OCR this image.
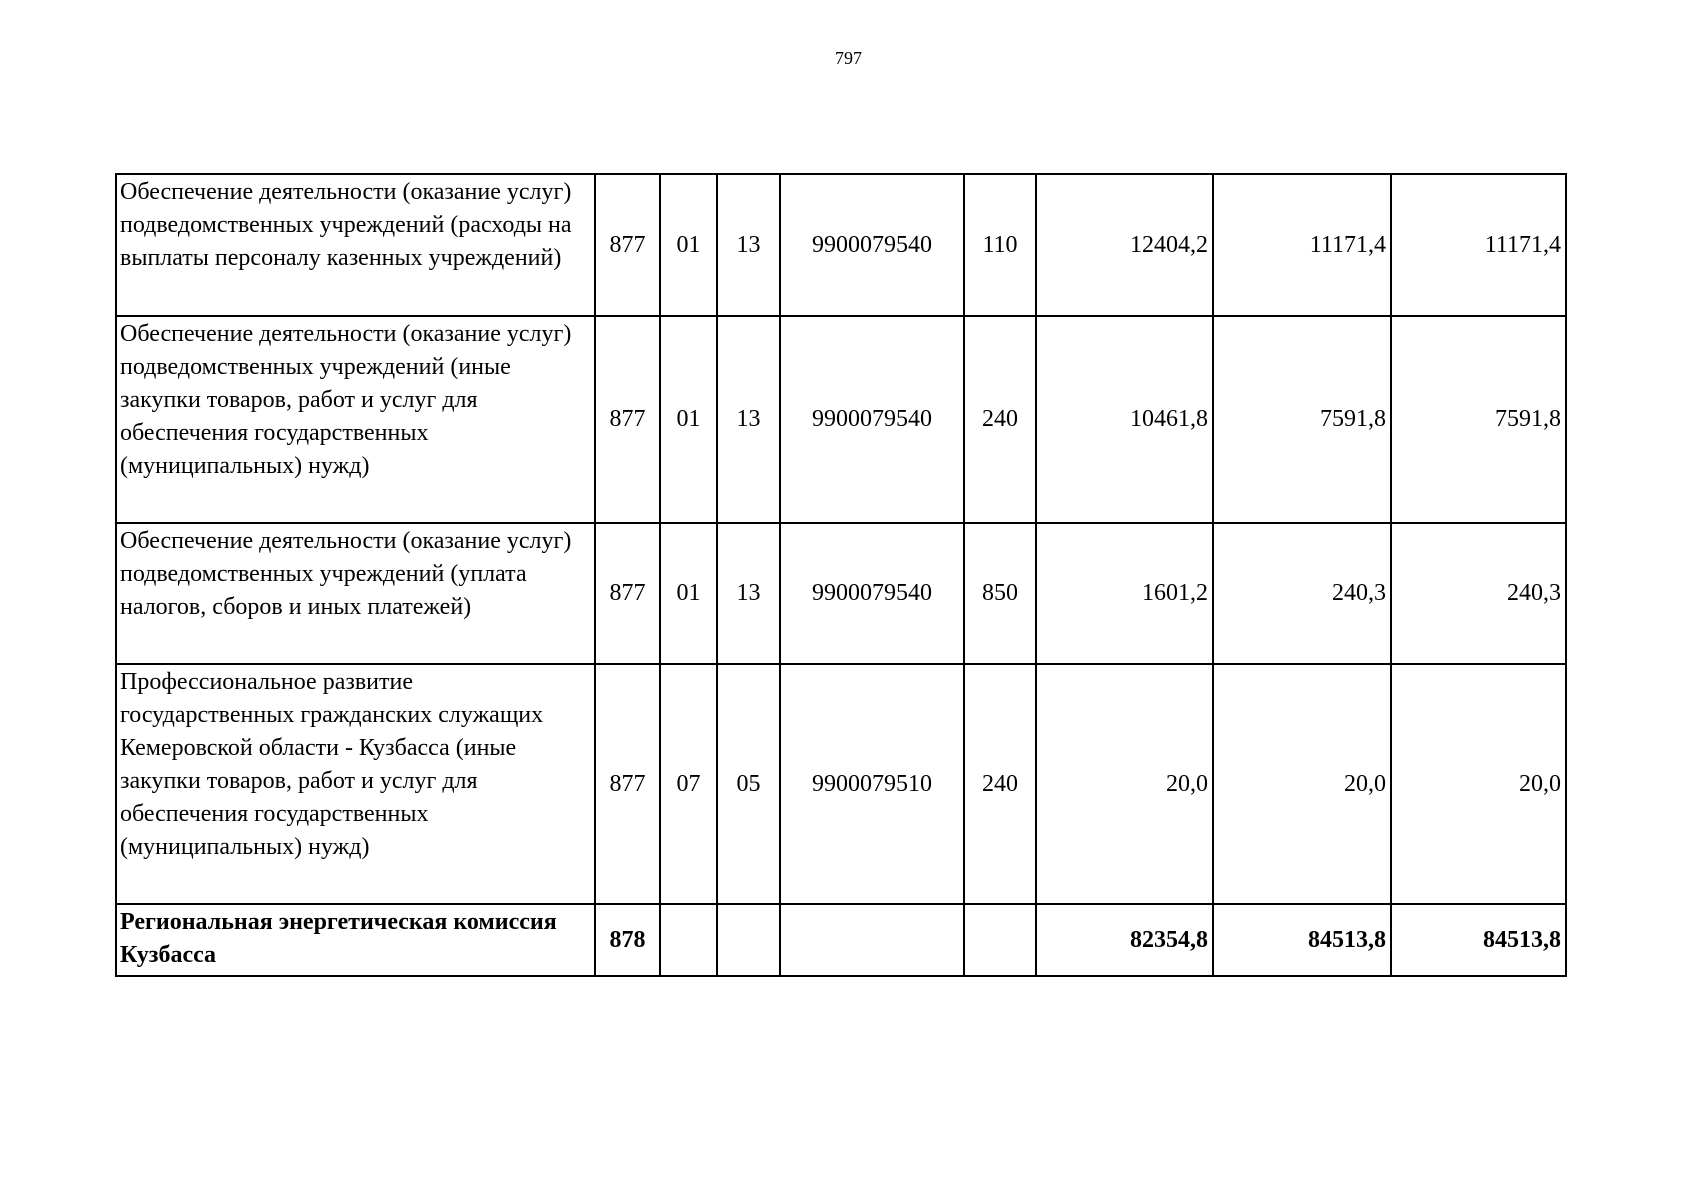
797
Обеспечение деятельности (оказание услуг) подведомственных учреждений (расходы на выплаты персоналу казенных учреждений)	877	01	13	9900079540	110	12404,2	11171,4	11171,4
Обеспечение деятельности (оказание услуг) подведомственных учреждений (иные закупки товаров, работ и услуг для обеспечения государственных (муниципальных) нужд)	877	01	13	9900079540	240	10461,8	7591,8	7591,8
Обеспечение деятельности (оказание услуг) подведомственных учреждений (уплата налогов, сборов и иных платежей)	877	01	13	9900079540	850	1601,2	240,3	240,3
Профессиональное развитие государственных гражданских служащих Кемеровской области - Кузбасса (иные закупки товаров, работ и услуг для обеспечения государственных (муниципальных) нужд)	877	07	05	9900079510	240	20,0	20,0	20,0
Региональная энергетическая комиссия Кузбасса	878					82354,8	84513,8	84513,8
